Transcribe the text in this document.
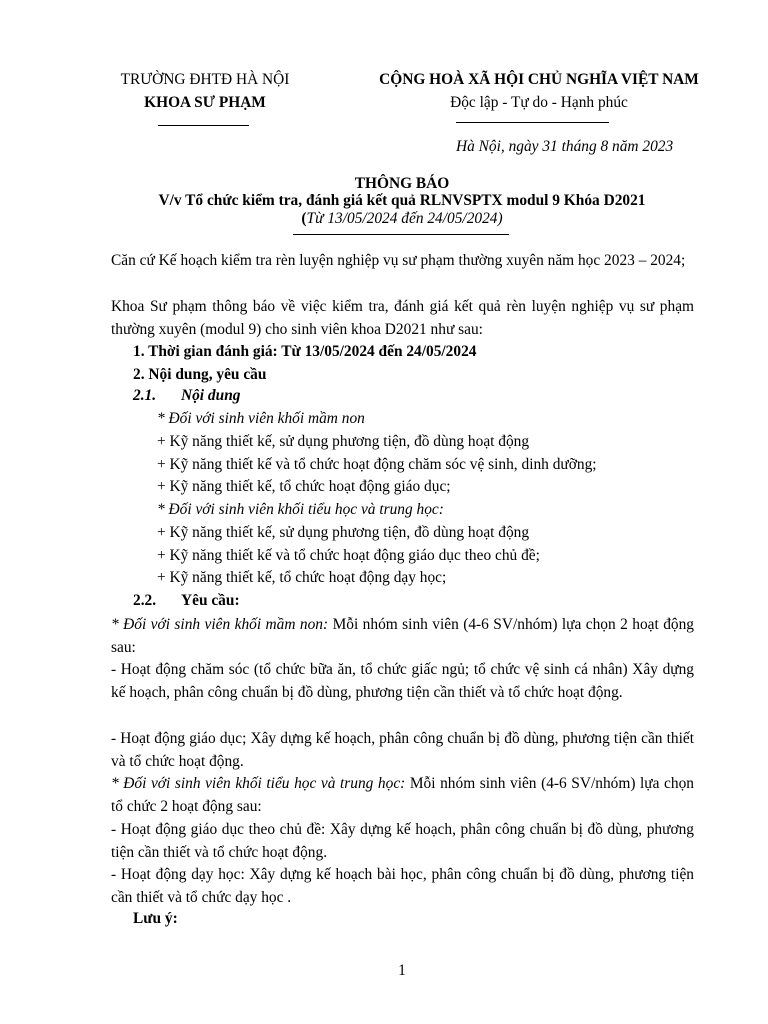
TRƯỜNG ĐHTĐ HÀ NỘI
KHOA SƯ PHẠM
CỘNG HOÀ XÃ HỘI CHỦ NGHĨA VIỆT NAM
Độc lập - Tự do - Hạnh phúc
Hà Nội, ngày 31 tháng 8 năm 2023
THÔNG BÁO
V/v Tổ chức kiểm tra, đánh giá kết quả RLNVSPTX modul 9 Khóa D2021
(Từ 13/05/2024 đến 24/05/2024)
Căn cứ Kế hoạch kiểm tra rèn luyện nghiệp vụ sư phạm thường xuyên năm học 2023 – 2024;
Khoa Sư phạm thông báo về việc kiểm tra, đánh giá kết quả rèn luyện nghiệp vụ sư phạm thường xuyên (modul 9) cho sinh viên khoa D2021 như sau:
1. Thời gian đánh giá: Từ 13/05/2024 đến 24/05/2024
2. Nội dung, yêu cầu
2.1. Nội dung
* Đối với sinh viên khối mầm non
+ Kỹ năng thiết kế, sử dụng phương tiện, đồ dùng hoạt động
+ Kỹ năng thiết kế và tổ chức hoạt động chăm sóc vệ sinh, dinh dưỡng;
+ Kỹ năng thiết kế, tổ chức hoạt động giáo dục;
* Đối với sinh viên khối tiểu học và trung học:
+ Kỹ năng thiết kế, sử dụng phương tiện, đồ dùng hoạt động
+ Kỹ năng thiết kế và tổ chức hoạt động giáo dục theo chủ đề;
+ Kỹ năng thiết kế, tổ chức hoạt động dạy học;
2.2. Yêu cầu:
* Đối với sinh viên khối mầm non: Mỗi nhóm sinh viên (4-6 SV/nhóm) lựa chọn 2 hoạt động sau:
- Hoạt động chăm sóc (tổ chức bữa ăn, tổ chức giấc ngủ; tổ chức vệ sinh cá nhân) Xây dựng kế hoạch, phân công chuẩn bị đồ dùng, phương tiện cần thiết và tổ chức hoạt động.
- Hoạt động giáo dục; Xây dựng kế hoạch, phân công chuẩn bị đồ dùng, phương tiện cần thiết và tổ chức hoạt động.
* Đối với sinh viên khối tiểu học và trung học: Mỗi nhóm sinh viên (4-6 SV/nhóm) lựa chọn tổ chức 2 hoạt động sau:
- Hoạt động giáo dục theo chủ đề: Xây dựng kế hoạch, phân công chuẩn bị đồ dùng, phương tiện cần thiết và tổ chức hoạt động.
- Hoạt động dạy học: Xây dựng kế hoạch bài học, phân công chuẩn bị đồ dùng, phương tiện cần thiết và tổ chức dạy học .
Lưu ý:
1
